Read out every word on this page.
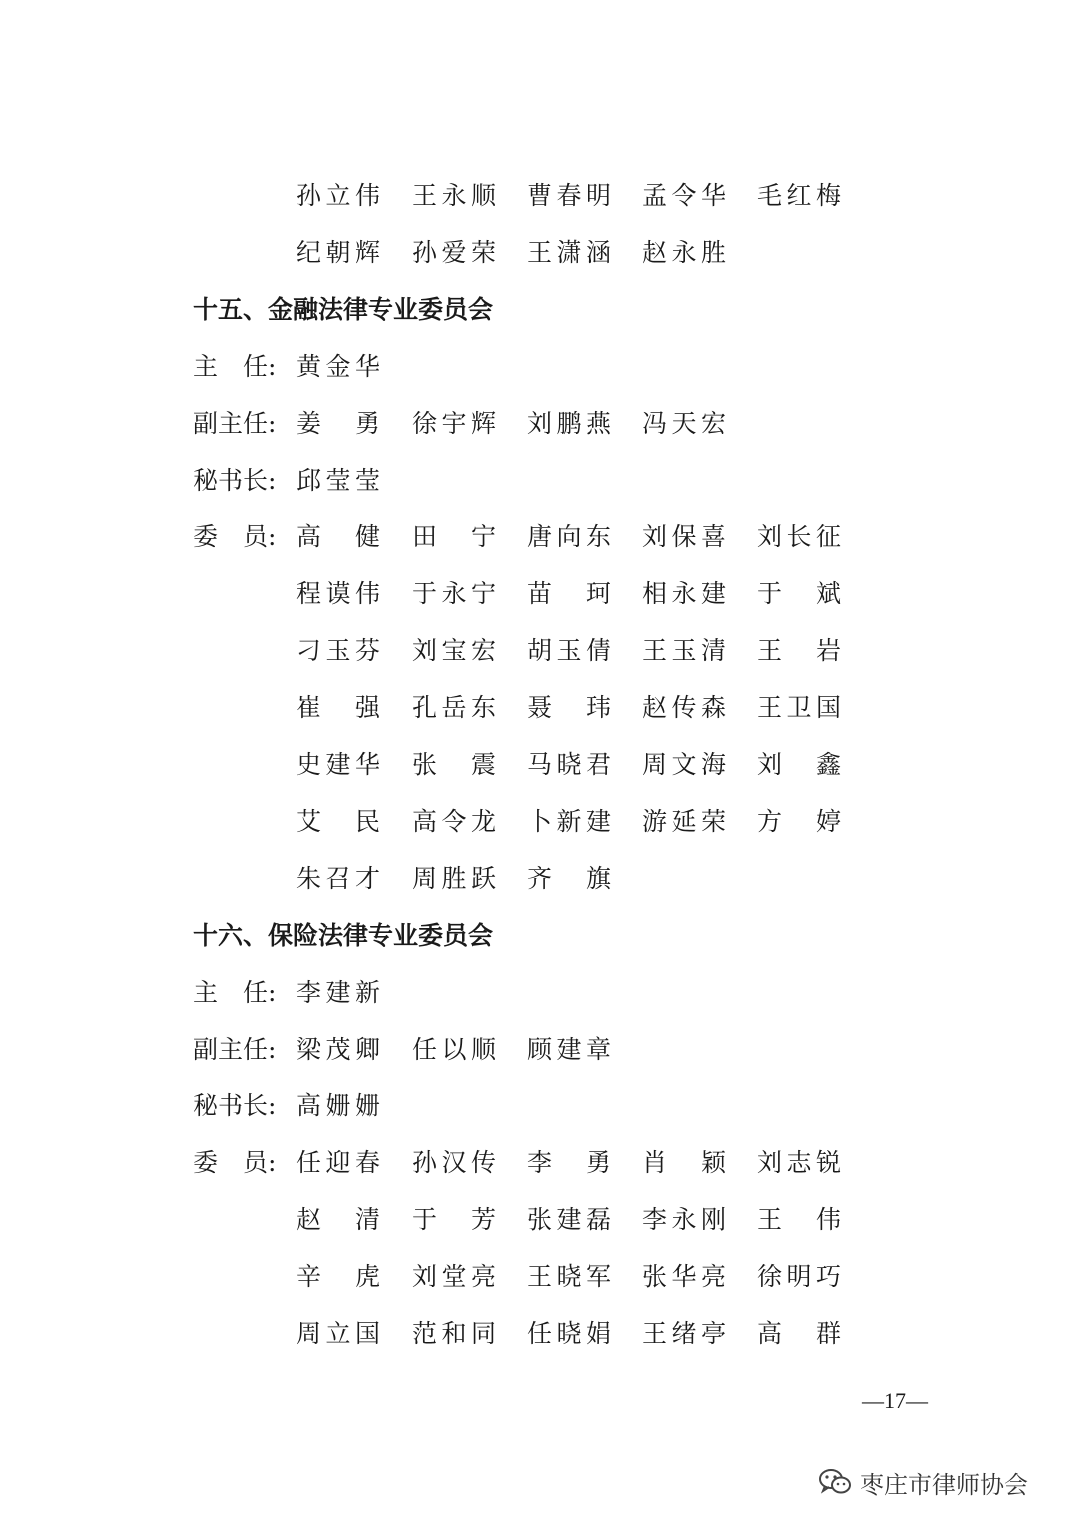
孙立伟 王永顺 曹春明 孟令华 毛红梅
纪朝辉 孙爱荣 王潇涵 赵永胜
十五、金融法律专业委员会
主　任: 黄金华
副主任: 姜 勇 徐宇辉 刘鹏燕 冯天宏
秘书长: 邱莹莹
委　员: 高 健 田 宁 唐向东 刘保喜 刘长征
程谟伟 于永宁 苗 珂 相永建 于 斌
刁玉芬 刘宝宏 胡玉倩 王玉清 王 岩
崔 强 孔岳东 聂 玮 赵传森 王卫国
史建华 张 震 马晓君 周文海 刘 鑫
艾 民 高令龙 卜新建 游延荣 方 婷
朱召才 周胜跃 齐 旗
十六、保险法律专业委员会
主　任: 李建新
副主任: 梁茂卿 任以顺 顾建章
秘书长: 高姗姗
委　员: 任迎春 孙汉传 李 勇 肖 颖 刘志锐
赵 清 于 芳 张建磊 李永刚 王 伟
辛 虎 刘堂亮 王晓军 张华亮 徐明巧
周立国 范和同 任晓娟 王绪亭 高 群
—17—
枣庄市律师协会
